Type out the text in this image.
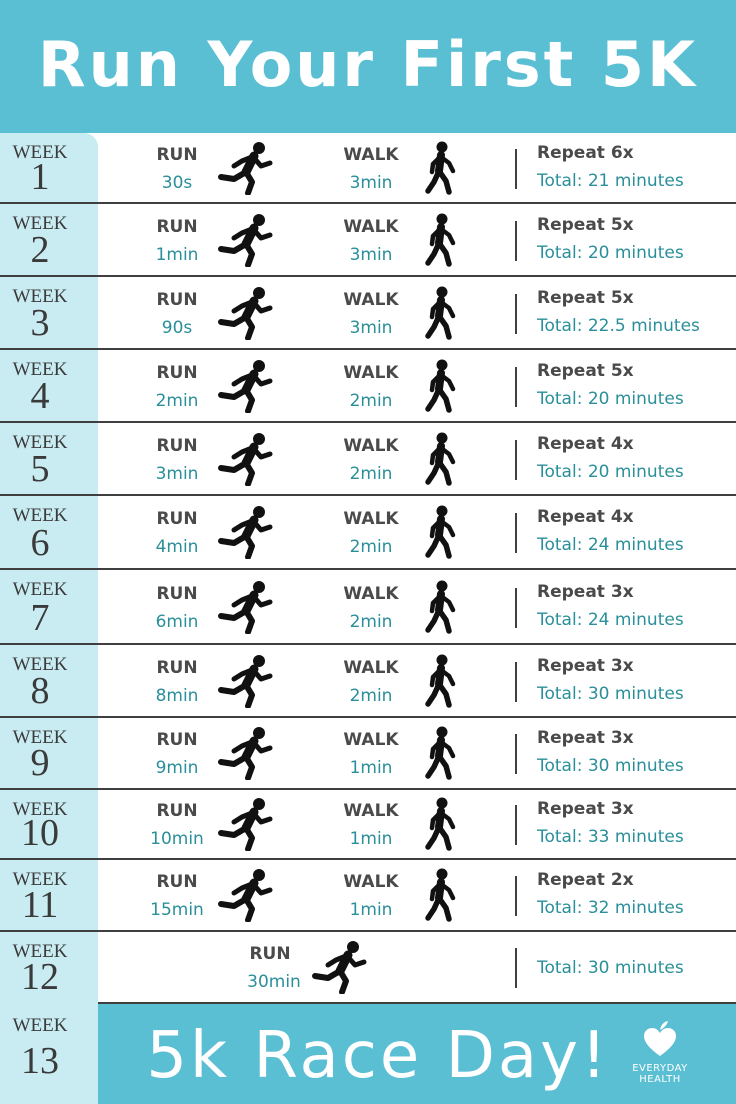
Run Your First 5K
WEEK
1
RUN
30s
WALK
3min
Repeat 6x
Total: 21 minutes
WEEK
2
RUN
1min
WALK
3min
Repeat 5x
Total: 20 minutes
WEEK
3
RUN
90s
WALK
3min
Repeat 5x
Total: 22.5 minutes
WEEK
4
RUN
2min
WALK
2min
Repeat 5x
Total: 20 minutes
WEEK
5
RUN
3min
WALK
2min
Repeat 4x
Total: 20 minutes
WEEK
6
RUN
4min
WALK
2min
Repeat 4x
Total: 24 minutes
WEEK
7
RUN
6min
WALK
2min
Repeat 3x
Total: 24 minutes
WEEK
8
RUN
8min
WALK
2min
Repeat 3x
Total: 30 minutes
WEEK
9
RUN
9min
WALK
1min
Repeat 3x
Total: 30 minutes
WEEK
10
RUN
10min
WALK
1min
Repeat 3x
Total: 33 minutes
WEEK
11
RUN
15min
WALK
1min
Repeat 2x
Total: 32 minutes
WEEK
12
RUN
30min
Total: 30 minutes
WEEK
13	5k Race Day!	EVERYDAY
HEALTH
